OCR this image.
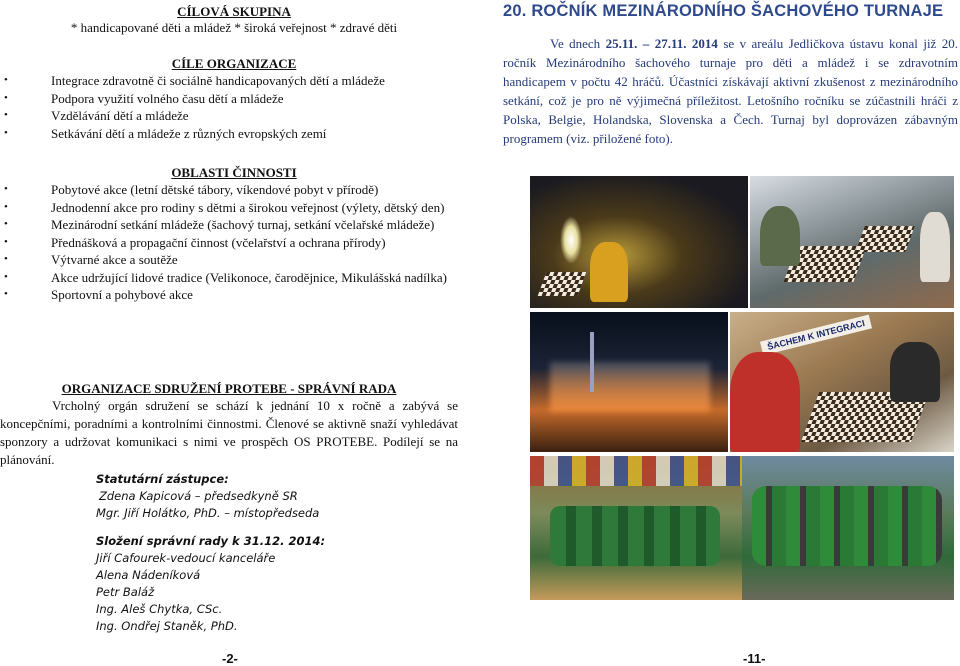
CÍLOVÁ SKUPINA
* handicapované děti a mládež * široká veřejnost * zdravé děti
CÍLE ORGANIZACE
• Integrace zdravotně či sociálně handicapovaných dětí a mládeže
• Podpora využití volného času dětí a mládeže
• Vzdělávání dětí a mládeže
• Setkávání dětí a mládeže z různých evropských zemí
OBLASTI ČINNOSTI
• Pobytové akce (letní dětské tábory, víkendové pobyt v přírodě)
• Jednodenní akce pro rodiny s dětmi a širokou veřejnost (výlety, dětský den)
• Mezinárodní setkání mládeže (šachový turnaj, setkání včelařské mládeže)
• Přednášková a propagační činnost (včelařství a ochrana přírody)
• Výtvarné akce a soutěže
• Akce udržující lidové tradice (Velikonoce, čarodějnice, Mikulášská nadílka)
• Sportovní a pohybové akce
ORGANIZACE SDRUŽENÍ PROTEBE - SPRÁVNÍ RADA

Vrcholný orgán sdružení se schází k jednání 10 x ročně a zabývá se

koncepčními, poradními a kontrolními činnostmi. Členové se aktivně snaží vyhledávat sponzory a udržovat komunikaci s nimi ve prospěch OS PROTEBE. Podílejí se na plánování.

Statutární zástupce:
Zdena Kapicová – předsedkyně SR
Mgr. Jiří Holátko, PhD. – místopředseda
Složení správní rady k 31.12. 2014:
Jiří Cafourek-vedoucí kanceláře
Alena Nádeníková
Petr Baláž
Ing. Aleš Chytka, CSc.
Ing. Ondřej Staněk, PhD.
-2-
20. ROČNÍK MEZINÁRODNÍHO ŠACHOVÉHO TURNAJE
Ve dnech 25.11. – 27.11. 2014 se v areálu Jedličkova ústavu konal již 20. ročník Mezinárodního šachového turnaje pro děti a mládež i se zdravotním handicapem v počtu 42 hráčů. Účastníci získávají aktivní zkušenost z mezinárodního setkání, což je pro ně výjimečná příležitost. Letošního ročníku se zúčastnili hráči z Polska, Belgie, Holandska, Slovenska a Čech. Turnaj byl doprovázen zábavným programem (viz. přiložené foto).
ŠACHEM K INTEGRACI
-11-
